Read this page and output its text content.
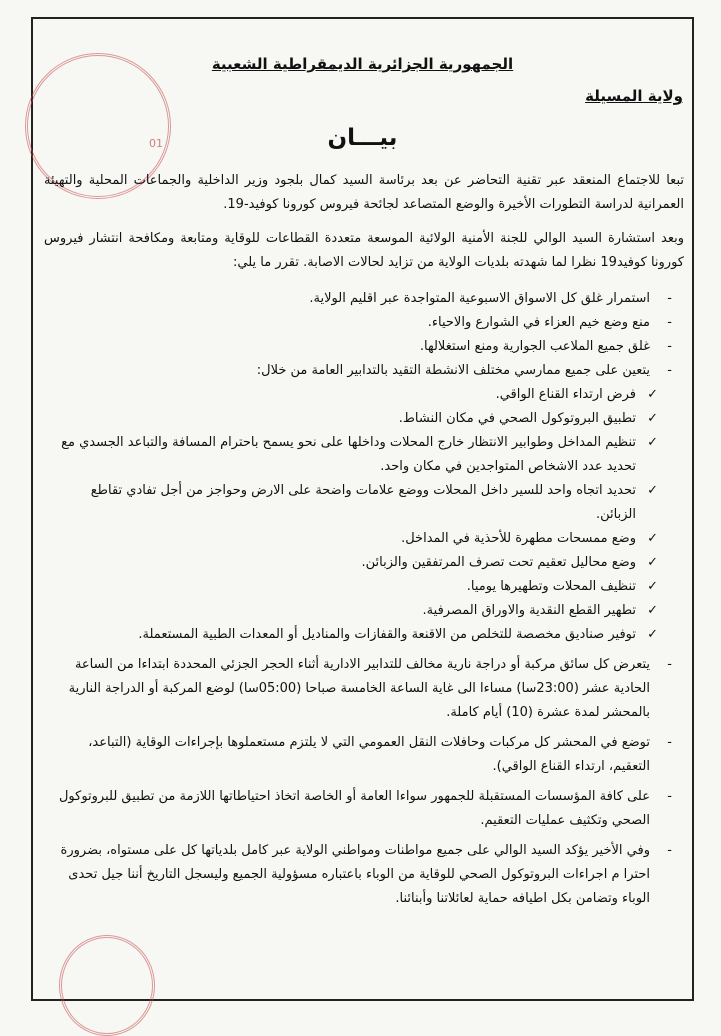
01
الجمهورية الجزائرية الديمقراطية الشعبية
ولاية المسيلة
بيـــان
تبعا للاجتماع المنعقد عبر تقنية التحاضر عن بعد برئاسة السيد كمال بلجود وزير الداخلية والجماعات المحلية والتهيئة العمرانية لدراسة التطورات الأخيرة والوضع المتصاعد لجائحة فيروس كورونا كوفيد-19.
وبعد استشارة السيد الوالي للجنة الأمنية الولائية الموسعة متعددة القطاعات للوقاية ومتابعة ومكافحة انتشار فيروس كورونا كوفيد19 نظرا لما شهدته بلديات الولاية من تزايد لحالات الاصابة. تقرر ما يلي:
- استمرار غلق كل الاسواق الاسبوعية المتواجدة عبر اقليم الولاية.
- منع وضع خيم العزاء في الشوارع والاحياء.
- غلق جميع الملاعب الجوارية ومنع استغلالها.
- يتعين على جميع ممارسي مختلف الانشطة التقيد بالتدابير العامة من خلال:
✓ فرض ارتداء القناع الواقي.
✓ تطبيق البروتوكول الصحي في مكان النشاط.
✓ تنظيم المداخل وطوابير الانتظار خارج المحلات وداخلها على نحو يسمح باحترام المسافة والتباعد الجسدي مع تحديد عدد الاشخاص المتواجدين في مكان واحد.
✓ تحديد اتجاه واحد للسير داخل المحلات ووضع علامات واضحة على الارض وحواجز من أجل تفادي تقاطع الزبائن.
✓ وضع ممسحات مطهرة للأحذية في المداخل.
✓ وضع محاليل تعقيم تحت تصرف المرتفقين والزبائن.
✓ تنظيف المحلات وتطهيرها يوميا.
✓ تطهير القطع النقدية والاوراق المصرفية.
✓ توفير صناديق مخصصة للتخلص من الاقنعة والقفازات والمناديل أو المعدات الطبية المستعملة.
- يتعرض كل سائق مركبة أو دراجة نارية مخالف للتدابير الادارية أثناء الحجر الجزئي المحددة ابتداءا من الساعة الحادية عشر (23:00سا) مساءا الى غاية الساعة الخامسة صباحا (05:00سا) لوضع المركبة أو الدراجة النارية بالمحشر لمدة عشرة (10) أيام كاملة.
- توضع في المحشر كل مركبات وحافلات النقل العمومي التي لا يلتزم مستعملوها بإجراءات الوقاية (التباعد، التعقيم، ارتداء القناع الواقي).
- على كافة المؤسسات المستقبلة للجمهور سواءا العامة أو الخاصة اتخاذ احتياطاتها اللازمة من تطبيق للبروتوكول الصحي وتكثيف عمليات التعقيم.
- وفي الأخير يؤكد السيد الوالي على جميع مواطنات ومواطني الولاية عبر كامل بلدياتها كل على مستواه، بضرورة احترا م اجراءات البروتوكول الصحي للوقاية من الوباء باعتباره مسؤولية الجميع وليسجل التاريخ أننا جيل تحدى الوباء وتضامن بكل اطيافه حماية لعائلاتنا وأبنائنا.
